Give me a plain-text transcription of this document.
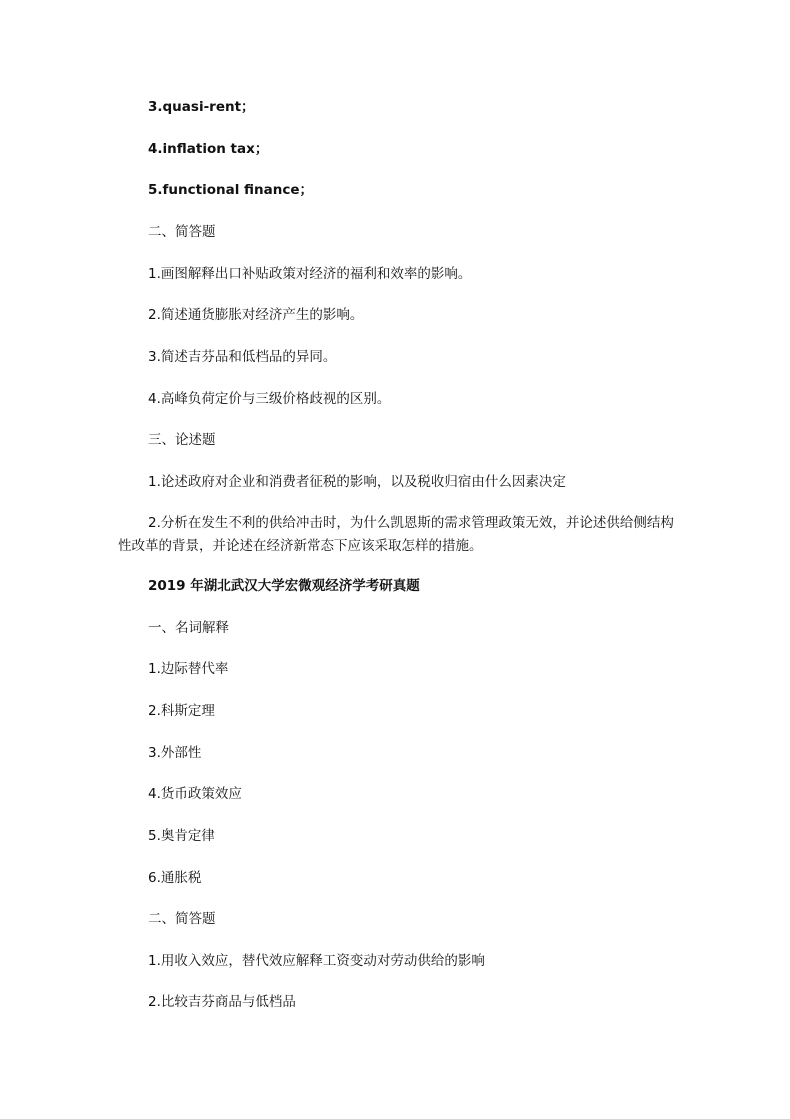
3.quasi-rent；
4.inflation tax；
5.functional finance；
二、简答题
1.画图解释出口补贴政策对经济的福利和效率的影响。
2.简述通货膨胀对经济产生的影响。
3.简述吉芬品和低档品的异同。
4.高峰负荷定价与三级价格歧视的区别。
三、论述题
1.论述政府对企业和消费者征税的影响，以及税收归宿由什么因素决定
2.分析在发生不利的供给冲击时，为什么凯恩斯的需求管理政策无效，并论述供给侧结构性改革的背景，并论述在经济新常态下应该采取怎样的措施。
2019 年湖北武汉大学宏微观经济学考研真题
一、名词解释
1.边际替代率
2.科斯定理
3.外部性
4.货币政策效应
5.奥肯定律
6.通胀税
二、简答题
1.用收入效应，替代效应解释工资变动对劳动供给的影响
2.比较吉芬商品与低档品
